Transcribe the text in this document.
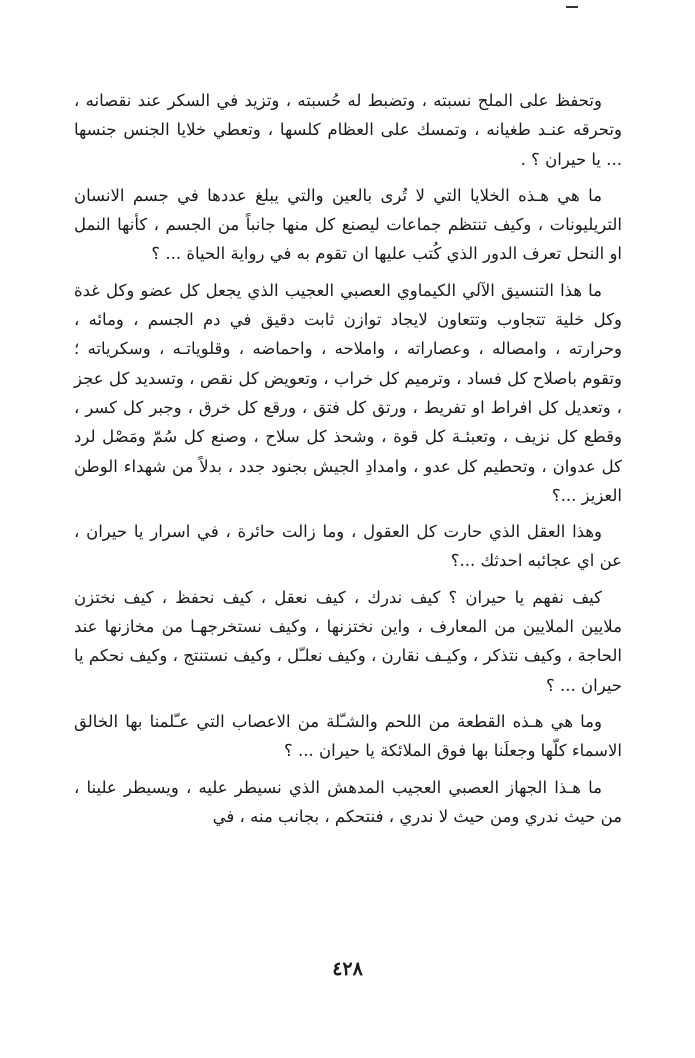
وتحفظ على الملح نسبته ، وتضبط له حُسبته ، وتزيد في السكر عند نقصانه ، وتحرقه عنـد طغيانه ، وتمسك على العظام كلسها ، وتعطي خلايا الجنس جنسها ... يا حيران ؟ .

ما هي هـذه الخلايا التي لا تُرى بالعين والتي يبلغ عددها في جسم الانسان التريليونات ، وكيف تنتظم جماعات ليصنع كل منها جانباً من الجسم ، كأنها النمل او النحل تعرف الدور الذي كُتب عليها ان تقوم به في رواية الحياة ... ؟

ما هذا التنسيق الآلي الكيماوي العصبي العجيب الذي يجعل كل عضو وكل غدة وكل خلية تتجاوب وتتعاون لايجاد توازن ثابت دقيق في دم الجسم ، ومائه ، وحرارته ، وامصاله ، وعصاراته ، واملاحه ، واحماضه ، وقلوياتـه ، وسكرياته ؛ وتقوم باصلاح كل فساد ، وترميم كل خراب ، وتعويض كل نقص ، وتسديد كل عجز ، وتعديل كل افراط او تفريط ، ورتق كل فتق ، ورقع كل خرق ، وجبر كل كسر ، وقطع كل نزيف ، وتعبئـة كل قوة ، وشحذ كل سلاح ، وصنع كل سُمّ ومَصْل لرد كل عدوان ، وتحطيم كل عدو ، وامدادِ الجيش بجنود جدد ، بدلاً من شهداء الوطن العزيز ...؟

وهذا العقل الذي حارت كل العقول ، وما زالت حائرة ، في اسرار يا حيران ، عن اي عجائبه احدثك ...؟

كيف نفهم يا حيران ؟ كيف ندرك ، كيف نعقل ، كيف نحفظ ، كيف نختزن ملايين الملايين من المعارف ، واين نختزنها ، وكيف نستخرجهـا من مخازنها عند الحاجة ، وكيف نتذكر ، وكيـف نقارن ، وكيف نعلـّل ، وكيف نستنتج ، وكيف نحكم يا حيران ... ؟

وما هي هـذه القطعة من اللحم والشـّلة من الاعصاب التي عـّلمنا بها الخالق الاسماء كلّها وجعلَنا بها فوق الملائكة يا حيران ... ؟

ما هـذا الجهاز العصبي العجيب المدهش الذي نسيطر عليه ، ويسيطر علينا ، من حيث ندري ومن حيث لا ندري ، فنتحكم ، بجانب منه ، في

٤٢٨
